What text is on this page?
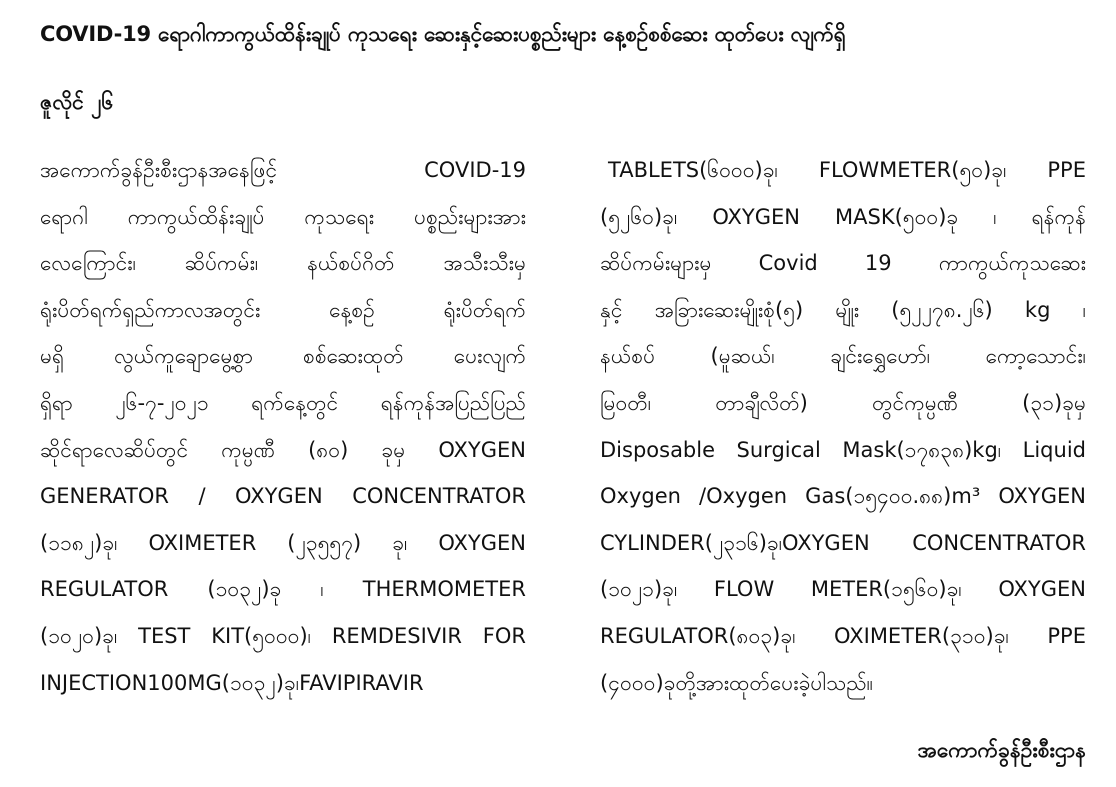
COVID-19 ရောဂါကာကွယ်ထိန်းချုပ် ကုသရေး ဆေးနှင့်ဆေးပစ္စည်းများ နေ့စဉ်စစ်ဆေး ထုတ်ပေး လျက်ရှိ
ဇူလိုင် ၂၆
အကောက်ခွန်ဦးစီးဌာနအနေဖြင့်	COVID-19
ရောဂါ ကာကွယ်ထိန်းချုပ် ကုသရေး ပစ္စည်းများအား
လေကြောင်း၊ ဆိပ်ကမ်း၊ နယ်စပ်ဂိတ် အသီးသီးမှ
ရုံးပိတ်ရက်ရှည်ကာလအတွင်း	နေ့စဉ်	ရုံးပိတ်ရက်
မရှိ လွယ်ကူချောမွေ့စွာ စစ်ဆေးထုတ် ပေးလျက်
ရှိရာ ၂၆-၇-၂၀၂၁ ရက်နေ့တွင် ရန်ကုန်အပြည်ပြည်
ဆိုင်ရာလေဆိပ်တွင် ကုမ္ပဏီ (၈၀) ခုမှ OXYGEN
GENERATOR / OXYGEN CONCENTRATOR
(၁၁၈၂)ခု၊ OXIMETER (၂၃၅၅၇) ခု၊ OXYGEN
REGULATOR (၁၀၃၂)ခု ၊ THERMOMETER
(၁၀၂၀)ခု၊ TEST KIT(၅၀၀၀)၊ REMDESIVIR FOR
INJECTION 100 MG(၁၀၃၂)ခု၊ FAVIPIRAVIR
TABLETS(၆၀၀၀)ခု၊ FLOWMETER(၅၀)ခု၊ PPE
(၅၂၆၀)ခု၊ OXYGEN MASK(၅၀၀)ခု ၊ ရန်ကုန်
ဆိပ်ကမ်းများမှ Covid 19 ကာကွယ်ကုသဆေး
နှင့် အခြားဆေးမျိုးစုံ(၅) မျိုး (၅၂၂၇၈.၂၆) kg ၊
နယ်စပ်	(မူဆယ်၊	ချင်းရွှေဟော်၊	ကော့သောင်း၊
မြဝတီ၊	တာချီလိတ်)	တွင်ကုမ္ပဏီ	(၃၁)ခုမှ
Disposable Surgical Mask(၁၇၈၃၈)kg၊ Liquid
Oxygen /Oxygen Gas(၁၅၄၀၀.၈၈)m³ OXYGEN
CYLINDER(၂၃၁၆)ခု၊OXYGEN CONCENTRATOR
(၁၀၂၁)ခု၊ FLOW METER(၁၅၆၀)ခု၊ OXYGEN
REGULATOR(၈၀၃)ခု၊ OXIMETER(၃၁၀)ခု၊ PPE
(၄၀၀၀)ခု တို့အားထုတ်ပေးခဲ့ပါသည်။
အကောက်ခွန်ဦးစီးဌာန
